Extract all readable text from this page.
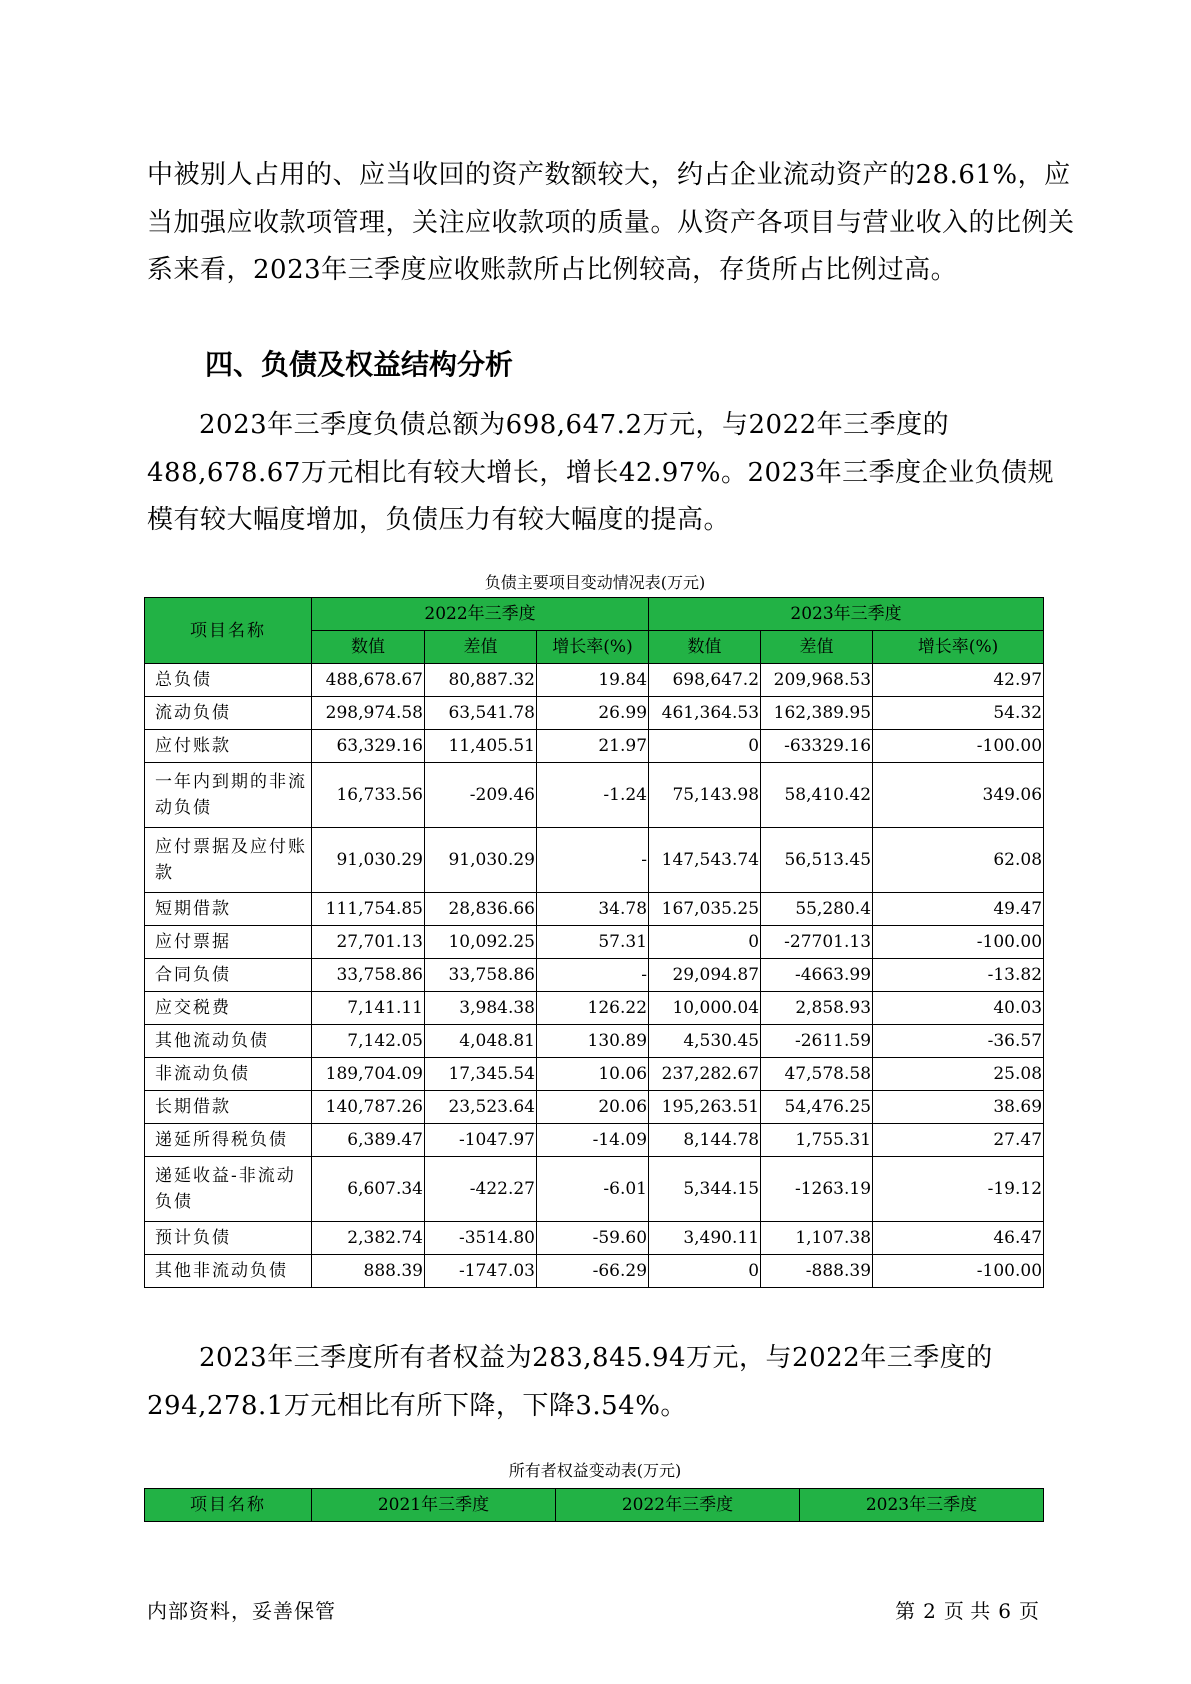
中被别人占用的、应当收回的资产数额较大，约占企业流动资产的28.61%，应当加强应收款项管理，关注应收款项的质量。从资产各项目与营业收入的比例关系来看，2023年三季度应收账款所占比例较高，存货所占比例过高。
四、负债及权益结构分析
2023年三季度负债总额为698,647.2万元，与2022年三季度的488,678.67万元相比有较大增长，增长42.97%。2023年三季度企业负债规模有较大幅度增加，负债压力有较大幅度的提高。
负债主要项目变动情况表(万元)
项目名称	2022年三季度			2023年三季度		
	数值	差值	增长率(%)	数值	差值	增长率(%)
总负债	488,678.67	80,887.32	19.84	698,647.2	209,968.53	42.97
流动负债	298,974.58	63,541.78	26.99	461,364.53	162,389.95	54.32
应付账款	63,329.16	11,405.51	21.97	0	-63329.16	-100.00
一年内到期的非流动负债	16,733.56	-209.46	-1.24	75,143.98	58,410.42	349.06
应付票据及应付账款	91,030.29	91,030.29	-	147,543.74	56,513.45	62.08
短期借款	111,754.85	28,836.66	34.78	167,035.25	55,280.4	49.47
应付票据	27,701.13	10,092.25	57.31	0	-27701.13	-100.00
合同负债	33,758.86	33,758.86	-	29,094.87	-4663.99	-13.82
应交税费	7,141.11	3,984.38	126.22	10,000.04	2,858.93	40.03
其他流动负债	7,142.05	4,048.81	130.89	4,530.45	-2611.59	-36.57
非流动负债	189,704.09	17,345.54	10.06	237,282.67	47,578.58	25.08
长期借款	140,787.26	23,523.64	20.06	195,263.51	54,476.25	38.69
递延所得税负债	6,389.47	-1047.97	-14.09	8,144.78	1,755.31	27.47
递延收益-非流动负债	6,607.34	-422.27	-6.01	5,344.15	-1263.19	-19.12
预计负债	2,382.74	-3514.80	-59.60	3,490.11	1,107.38	46.47
其他非流动负债	888.39	-1747.03	-66.29	0	-888.39	-100.00
2023年三季度所有者权益为283,845.94万元，与2022年三季度的294,278.1万元相比有所下降，下降3.54%。
所有者权益变动表(万元)
项目名称	2021年三季度	2022年三季度	2023年三季度
内部资料，妥善保管	第 2 页 共 6 页
